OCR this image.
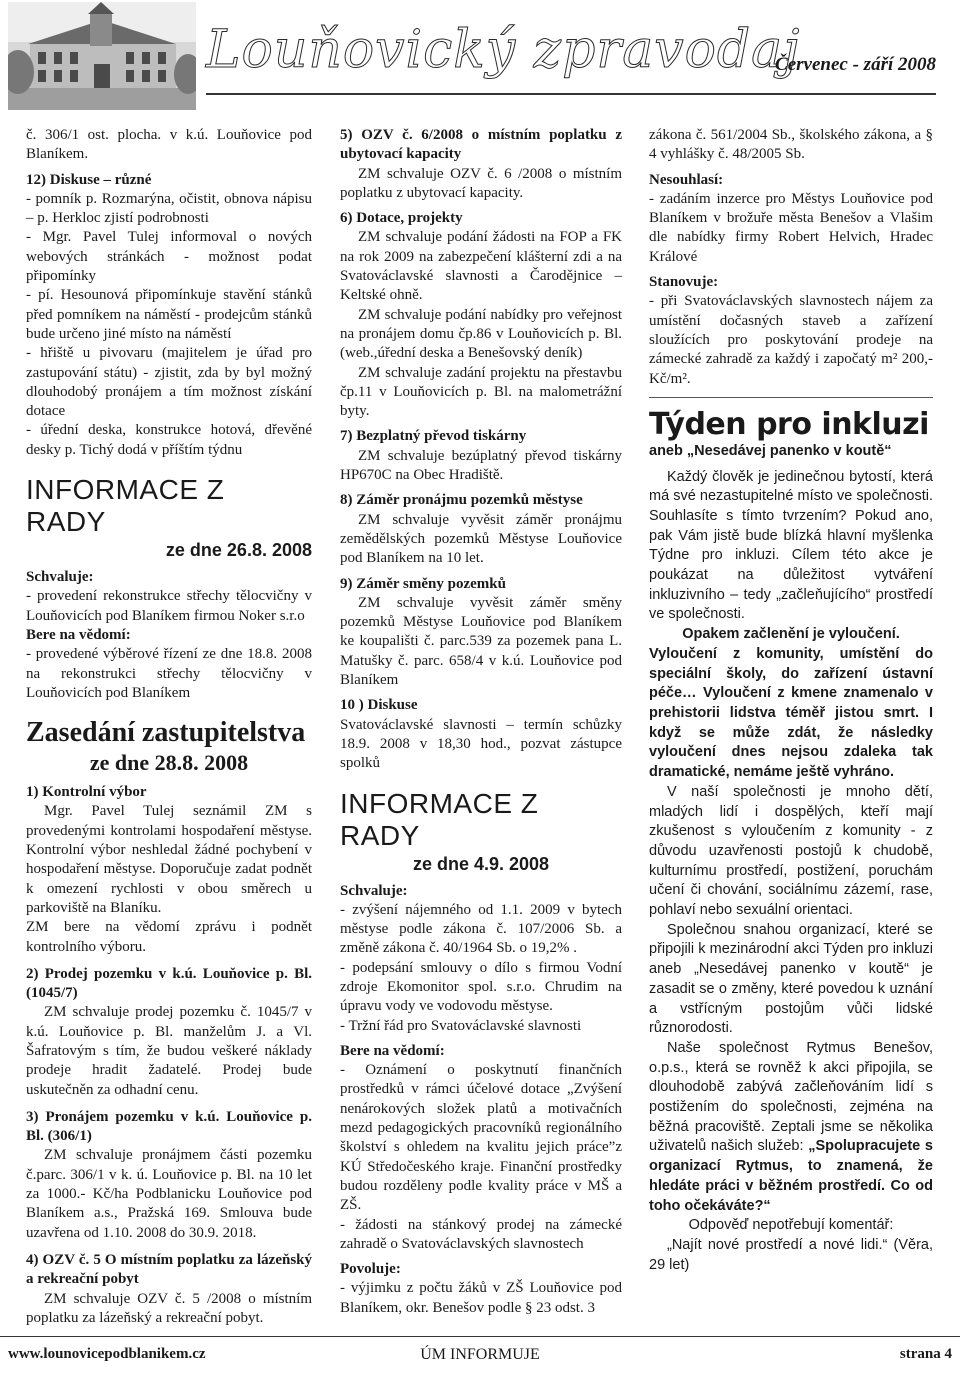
Louňovický zpravodaj
Červenec - září 2008

č. 306/1 ost. plocha. v k.ú. Louňovice pod Blaníkem.

12) Diskuse – různé

- pomník p. Rozmarýna, očistit, obnova nápisu – p. Herkloc zjistí podrobnosti

- Mgr. Pavel Tulej informoval o nových webových stránkách - možnost podat připomínky

- pí. Hesounová připomínkuje stavění stánků před pomníkem na náměstí - prodejcům stánků bude určeno jiné místo na náměstí

- hřiště u pivovaru (majitelem je úřad pro zastupování státu) - zjistit, zda by byl možný dlouhodobý pronájem a tím možnost získání dotace

- úřední deska, konstrukce hotová, dřevěné desky p. Tichý dodá v příštím týdnu

INFORMACE Z RADY

ze dne 26.8. 2008

Schvaluje:

- provedení rekonstrukce střechy tělocvičny v Louňovicích pod Blaníkem firmou Noker s.r.o

Bere na vědomí:

- provedené výběrové řízení ze dne 18.8. 2008 na rekonstrukci střechy tělocvičny v Louňovicích pod Blaníkem

Zasedání zastupitelstva

ze dne 28.8. 2008

1) Kontrolní výbor

Mgr. Pavel Tulej seznámil ZM s provedenými kontrolami hospodaření městyse. Kontrolní výbor neshledal žádné pochybení v hospodaření městyse. Doporučuje zadat podnět k omezení rychlosti v obou směrech u parkoviště na Blaníku.

ZM bere na vědomí zprávu i podnět kontrolního výboru.

2) Prodej pozemku v k.ú. Louňovice p. Bl. (1045/7)

ZM schvaluje prodej pozemku č. 1045/7 v k.ú. Louňovice p. Bl. manželům J. a Vl. Šafratovým s tím, že budou veškeré náklady prodeje hradit žadatelé. Prodej bude uskutečněn za odhadní cenu.

3) Pronájem pozemku v k.ú. Louňovice p. Bl. (306/1)

ZM schvaluje pronájmem části pozemku č.parc. 306/1 v k. ú. Louňovice p. Bl. na 10 let za 1000.- Kč/ha Podblanicku Louňovice pod Blaníkem a.s., Pražská 169. Smlouva bude uzavřena od 1.10. 2008 do 30.9. 2018.

4) OZV č. 5 O místním poplatku za lázeňský a rekreační pobyt

ZM schvaluje OZV č. 5 /2008 o místním poplatku za lázeňský a rekreační pobyt.

5) OZV č. 6/2008 o místním poplatku z ubytovací kapacity

ZM schvaluje OZV č. 6 /2008 o místním poplatku z ubytovací kapacity.

6) Dotace, projekty

ZM schvaluje podání žádosti na FOP a FK na rok 2009 na zabezpečení klášterní zdi a na Svatováclavské slavnosti a Čarodějnice – Keltské ohně.

ZM schvaluje podání nabídky pro veřejnost na pronájem domu čp.86 v Louňovicích p. Bl. (web.,úřední deska a Benešovský deník)

ZM schvaluje zadání projektu na přestavbu čp.11 v Louňovicích p. Bl. na malometrážní byty.

7) Bezplatný převod tiskárny

ZM schvaluje bezúplatný převod tiskárny HP670C na Obec Hradiště.

8) Záměr pronájmu pozemků městyse

ZM schvaluje vyvěsit záměr pronájmu zemědělských pozemků Městyse Louňovice pod Blaníkem na 10 let.

9) Záměr směny pozemků

ZM schvaluje vyvěsit záměr směny pozemků Městyse Louňovice pod Blaníkem ke koupališti č. parc.539 za pozemek pana L. Matušky č. parc. 658/4 v k.ú. Louňovice pod Blaníkem

10 ) Diskuse

Svatováclavské slavnosti – termín schůzky 18.9. 2008 v 18,30 hod., pozvat zástupce spolků

INFORMACE Z RADY

ze dne 4.9. 2008

Schvaluje:

- zvýšení nájemného od 1.1. 2009 v bytech městyse podle zákona č. 107/2006 Sb. a změně zákona č. 40/1964 Sb. o 19,2% .

- podepsání smlouvy o dílo s firmou Vodní zdroje Ekomonitor spol. s.r.o. Chrudim na úpravu vody ve vodovodu městyse.

- Tržní řád pro Svatováclavské slavnosti

Bere na vědomí:

- Oznámení o poskytnutí finančních prostředků v rámci účelové dotace „Zvýšení nenárokových složek platů a motivačních mezd pedagogických pracovníků regionálního školství s ohledem na kvalitu jejich práce”z KÚ Středočeského kraje. Finanční prostředky budou rozděleny podle kvality práce v MŠ a ZŠ.

- žádosti na stánkový prodej na zámecké zahradě o Svatováclavských slavnostech

Povoluje:

- výjimku z počtu žáků v ZŠ Louňovice pod Blaníkem, okr. Benešov podle § 23 odst. 3

zákona č. 561/2004 Sb., školského zákona, a § 4 vyhlášky č. 48/2005 Sb.

Nesouhlasí:

- zadáním inzerce pro Městys Louňovice pod Blaníkem v brožuře města Benešov a Vlašim dle nabídky firmy Robert Helvich, Hradec Králové

Stanovuje:

- při Svatováclavských slavnostech nájem za umístění dočasných staveb a zařízení sloužících pro poskytování prodeje na zámecké zahradě za každý i započatý m² 200,- Kč/m².

Týden pro inkluzi

aneb „Nesedávej panenko v koutě“

Každý člověk je jedinečnou bytostí, která má své nezastupitelné místo ve společnosti. Souhlasíte s tímto tvrzením? Pokud ano, pak Vám jistě bude blízká hlavní myšlenka Týdne pro inkluzi. Cílem této akce je poukázat na důležitost vytváření inkluzivního – tedy „začleňujícího“ prostředí ve společnosti.

Opakem začlenění je vyloučení.

Vyloučení z komunity, umístění do speciální školy, do zařízení ústavní péče… Vyloučení z kmene znamenalo v prehistorii lidstva téměř jistou smrt. I když se může zdát, že následky vyloučení dnes nejsou zdaleka tak dramatické, nemáme ještě vyhráno.

V naší společnosti je mnoho dětí, mladých lidí i dospělých, kteří mají zkušenost s vyloučením z komunity - z důvodu uzavřenosti postojů k chudobě, kulturnímu prostředí, postižení, poruchám učení či chování, sociálnímu zázemí, rase, pohlaví nebo sexuální orientaci.

Společnou snahou organizací, které se připojili k mezinárodní akci Týden pro inkluzi aneb „Nesedávej panenko v koutě“ je zasadit se o změny, které povedou k uznání a vstřícným postojům vůči lidské různorodosti.

Naše společnost Rytmus Benešov, o.p.s., která se rovněž k akci připojila, se dlouhodobě zabývá začleňováním lidí s postižením do společnosti, zejména na běžná pracoviště. Zeptali jsme se několika uživatelů našich služeb: „Spolupracujete s organizací Rytmus, to znamená, že hledáte práci v běžném prostředí. Co od toho očekáváte?“

Odpověď nepotřebují komentář:

„Najít nové prostředí a nové lidi.“ (Věra, 29 let)

www.lounovicepodblanikem.cz	ÚM INFORMUJE	strana 4
